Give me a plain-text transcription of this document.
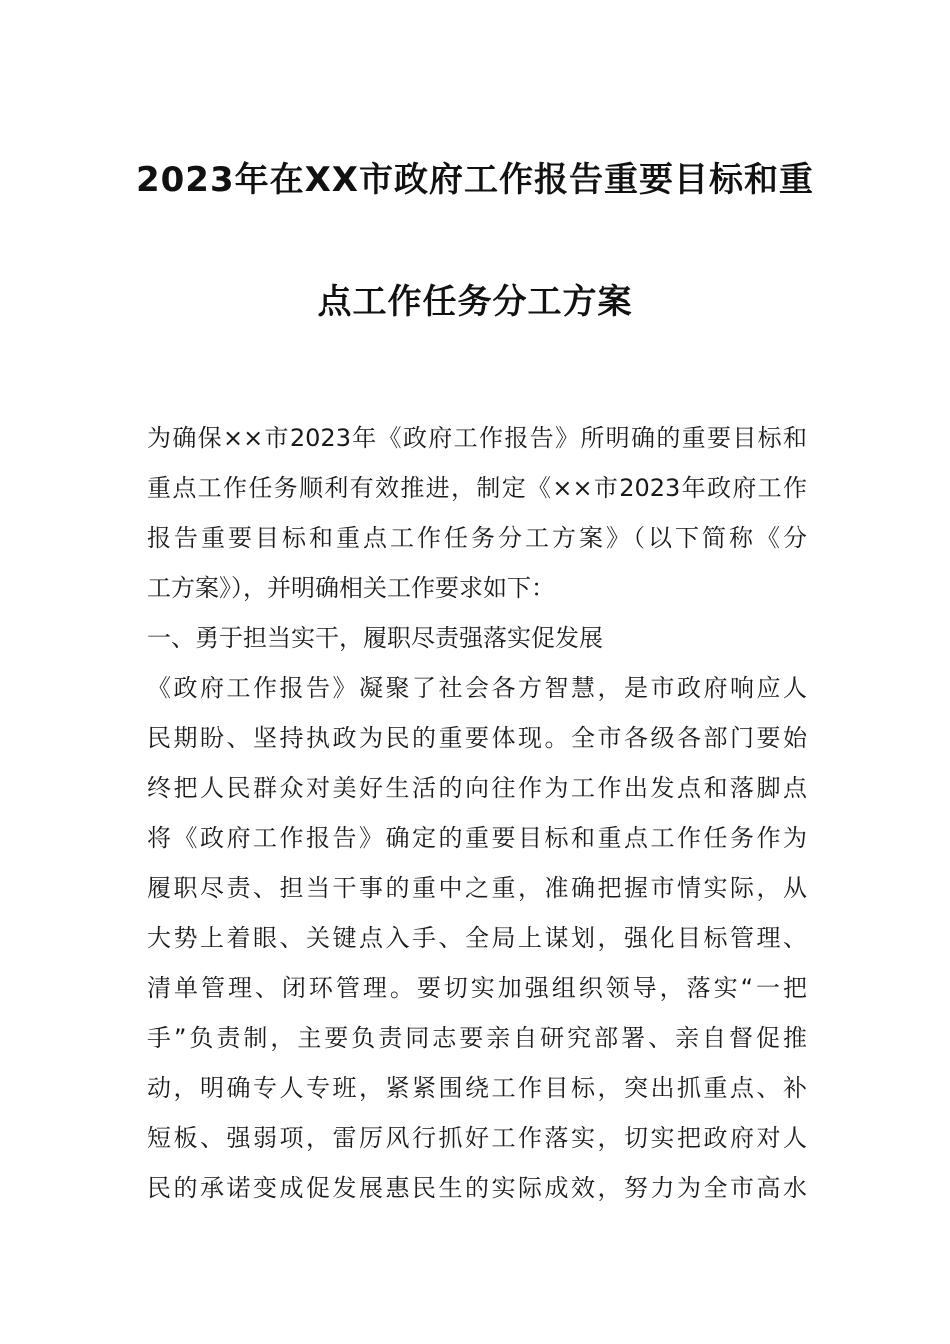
2023年在XX市政府工作报告重要目标和重
点工作任务分工方案
为确保××市2023年《政府工作报告》所明确的重要目标和
重点工作任务顺利有效推进，制定《××市2023年政府工作
报告重要目标和重点工作任务分工方案》（以下简称《分
工方案》），并明确相关工作要求如下：
一、勇于担当实干，履职尽责强落实促发展
《政府工作报告》凝聚了社会各方智慧，是市政府响应人
民期盼、坚持执政为民的重要体现。全市各级各部门要始
终把人民群众对美好生活的向往作为工作出发点和落脚点
将《政府工作报告》确定的重要目标和重点工作任务作为
履职尽责、担当干事的重中之重，准确把握市情实际，从
大势上着眼、关键点入手、全局上谋划，强化目标管理、
清单管理、闭环管理。要切实加强组织领导，落实“一把
手”负责制，主要负责同志要亲自研究部署、亲自督促推
动，明确专人专班，紧紧围绕工作目标，突出抓重点、补
短板、强弱项，雷厉风行抓好工作落实，切实把政府对人
民的承诺变成促发展惠民生的实际成效，努力为全市高水
